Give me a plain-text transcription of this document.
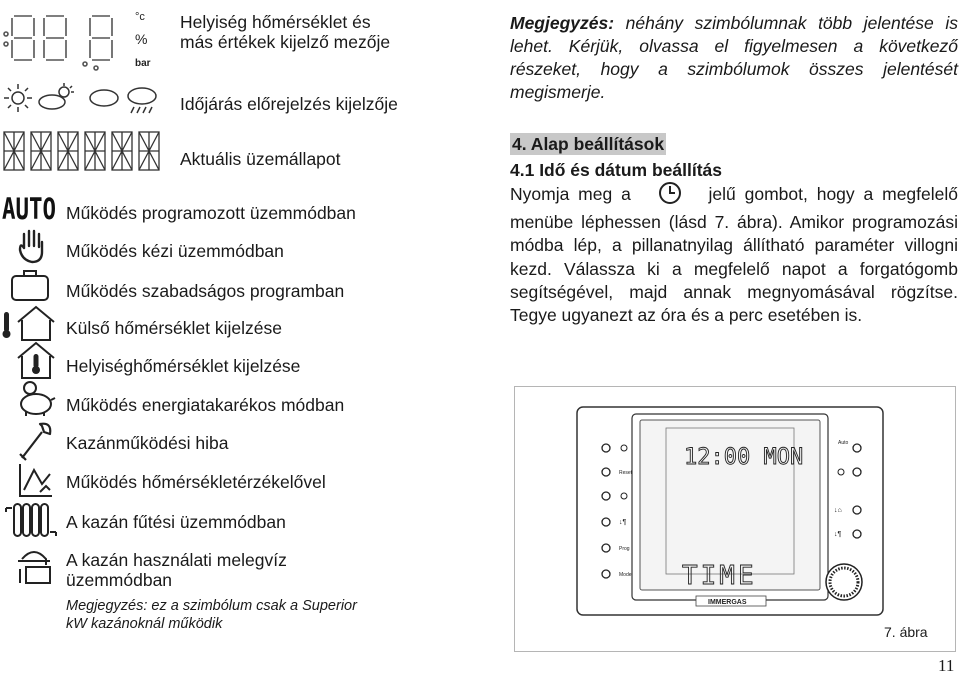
°c
%
bar
Helyiség hőmérséklet és
más értékek kijelző mezője
Időjárás előrejelzés kijelzője
Aktuális üzemállapot
AUTO Működés programozott üzemmódban
Működés kézi üzemmódban
Működés szabadságos programban
Külső hőmérséklet kijelzése
Helyiséghőmérséklet kijelzése
Működés energiatakarékos módban
Kazánműködési hiba
Működés hőmérsékletérzékelővel
A kazán fűtési üzemmódban
A kazán használati melegvíz
üzemmódban
Megjegyzés: ez a szimbólum csak a Superior
kW kazánoknál működik
Megjegyzés: néhány szimbólumnak több jelentése is lehet. Kérjük, olvassa el figyelmesen a következő részeket, hogy a szimbólumok összes jelentését megismerje.
4. Alap beállítások
4.1 Idő és dátum beállítás
Nyomja meg a	jelű gombot, hogy a megfelelő menübe léphessen (lásd 7. ábra). Amikor programozási módba lép, a pillanatnyilag állítható paraméter villogni kezd. Válassza ki a megfelelő napot a forgatógomb segítségével, majd annak megnyomásával rögzítse. Tegye ugyanezt az óra és a perc esetében is.
Reset
↓¶
Prog
Mode
Auto
↓⌂
↓¶
12:00 MON
TIME
IMMERGAS
7. ábra
11
